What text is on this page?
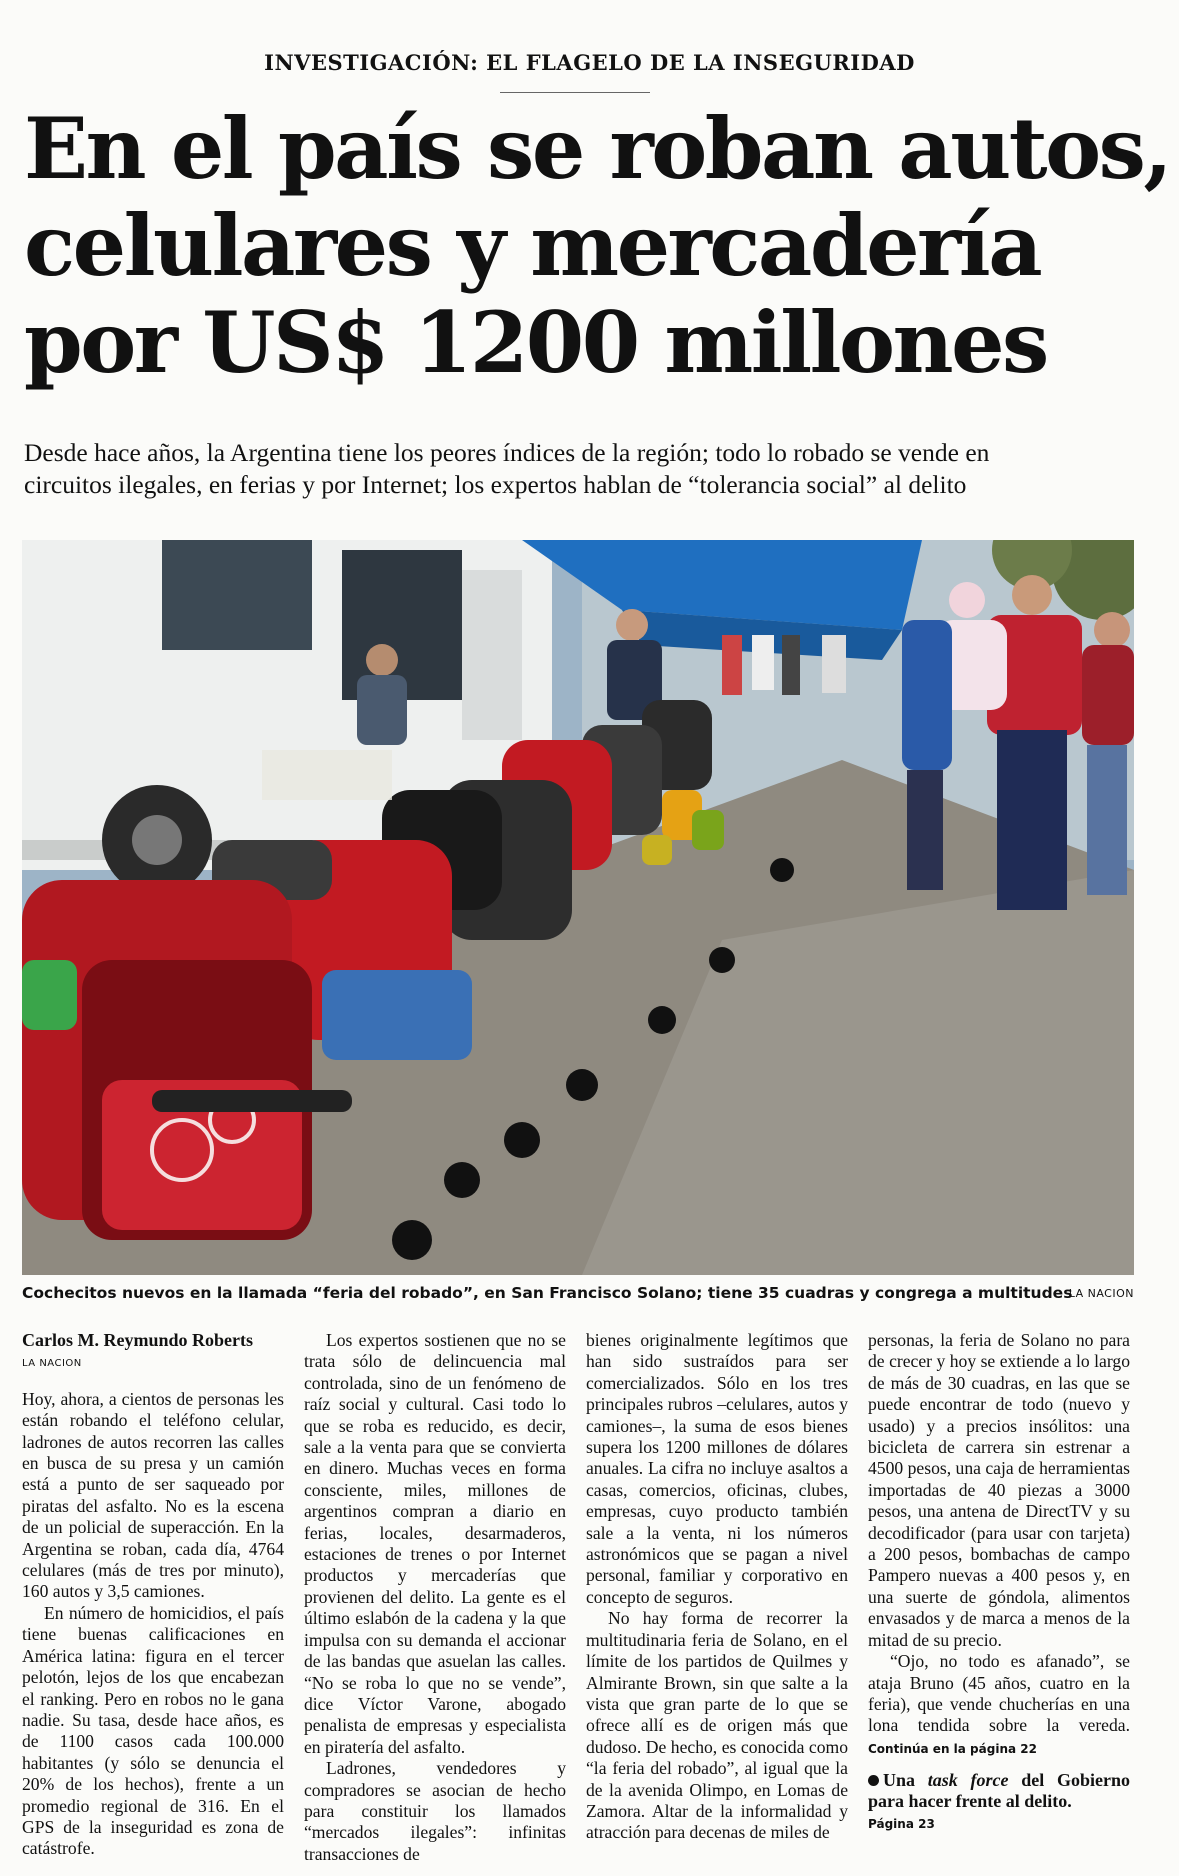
INVESTIGACIÓN: EL FLAGELO DE LA INSEGURIDAD
En el país se roban autos,
celulares y mercadería
por US$ 1200 millones
Desde hace años, la Argentina tiene los peores índices de la región; todo lo robado se vende en
circuitos ilegales, en ferias y por Internet; los expertos hablan de “tolerancia social” al delito
Cochecitos nuevos en la llamada “feria del robado”, en San Francisco Solano; tiene 35 cuadras y congrega a multitudes
LA NACION
Carlos M. Reymundo Roberts
LA NACION

Hoy, ahora, a cientos de personas les están robando el teléfono celular, ladrones de autos recorren las calles en busca de su presa y un camión está a punto de ser saqueado por piratas del asfalto. No es la escena de un policial de superacción. En la Argentina se roban, cada día, 4764 celulares (más de tres por minuto), 160 autos y 3,5 camiones.

En número de homicidios, el país tiene buenas calificaciones en América latina: figura en el tercer pelotón, lejos de los que encabezan el ranking. Pero en robos no le gana nadie. Su tasa, desde hace años, es de 1100 casos cada 100.000 habitantes (y sólo se denuncia el 20% de los hechos), frente a un promedio regional de 316. En el GPS de la inseguridad es zona de catástrofe.

Los expertos sostienen que no se trata sólo de delincuencia mal controlada, sino de un fenómeno de raíz social y cultural. Casi todo lo que se roba es reducido, es decir, sale a la venta para que se convierta en dinero. Muchas veces en forma consciente, miles, millones de argentinos compran a diario en ferias, locales, desarmaderos, estaciones de trenes o por Internet productos y mercaderías que provienen del delito. La gente es el último eslabón de la cadena y la que impulsa con su demanda el accionar de las bandas que asuelan las calles. “No se roba lo que no se vende”, dice Víctor Varone, abogado penalista de empresas y especialista en piratería del asfalto.

Ladrones, vendedores y compradores se asocian de hecho para constituir los llamados “mercados ilegales”: infinitas transacciones de

bienes originalmente legítimos que han sido sustraídos para ser comercializados. Sólo en los tres principales rubros –celulares, autos y camiones–, la suma de esos bienes supera los 1200 millones de dólares anuales. La cifra no incluye asaltos a casas, comercios, oficinas, clubes, empresas, cuyo producto también sale a la venta, ni los números astronómicos que se pagan a nivel personal, familiar y corporativo en concepto de seguros.

No hay forma de recorrer la multitudinaria feria de Solano, en el límite de los partidos de Quilmes y Almirante Brown, sin que salte a la vista que gran parte de lo que se ofrece allí es de origen más que dudoso. De hecho, es conocida como “la feria del robado”, al igual que la de la avenida Olimpo, en Lomas de Zamora. Altar de la informalidad y atracción para decenas de miles de

personas, la feria de Solano no para de crecer y hoy se extiende a lo largo de más de 30 cuadras, en las que se puede encontrar de todo (nuevo y usado) y a precios insólitos: una bicicleta de carrera sin estrenar a 4500 pesos, una caja de herramientas importadas de 40 piezas a 3000 pesos, una antena de DirectTV y su decodificador (para usar con tarjeta) a 200 pesos, bombachas de campo Pampero nuevas a 400 pesos y, en una suerte de góndola, alimentos envasados y de marca a menos de la mitad de su precio.

“Ojo, no todo es afanado”, se ataja Bruno (45 años, cuatro en la feria), que vende chucherías en una lona tendida sobre la vereda. Continúa en la página 22

Una task force del Gobierno para hacer frente al delito.
Página 23
